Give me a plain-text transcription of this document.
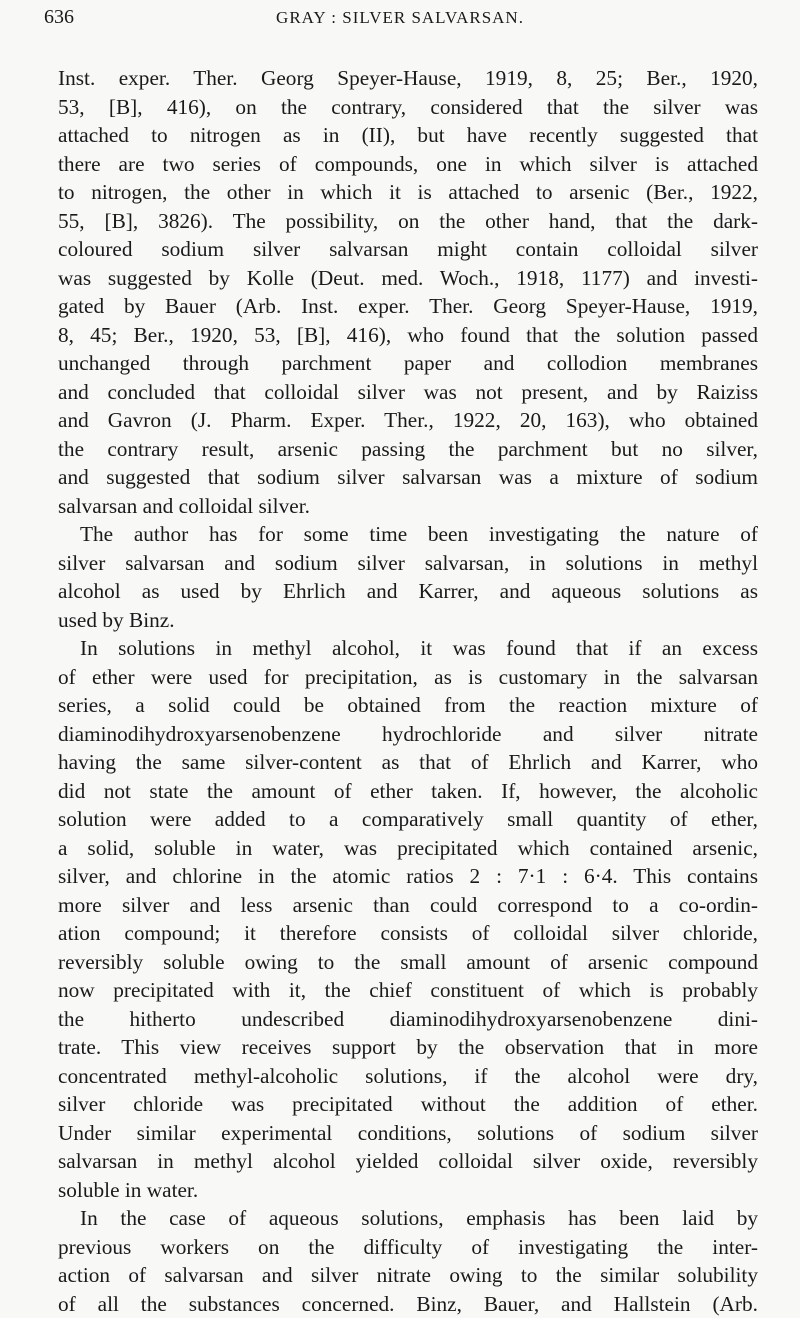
636	GRAY : SILVER SALVARSAN.
Inst. exper. Ther. Georg Speyer-Hause, 1919, 8, 25; Ber., 1920,
53, [B], 416), on the contrary, considered that the silver was
attached to nitrogen as in (II), but have recently suggested that
there are two series of compounds, one in which silver is attached
to nitrogen, the other in which it is attached to arsenic (Ber., 1922,
55, [B], 3826). The possibility, on the other hand, that the dark-
coloured sodium silver salvarsan might contain colloidal silver
was suggested by Kolle (Deut. med. Woch., 1918, 1177) and investi-
gated by Bauer (Arb. Inst. exper. Ther. Georg Speyer-Hause, 1919,
8, 45; Ber., 1920, 53, [B], 416), who found that the solution passed
unchanged through parchment paper and collodion membranes
and concluded that colloidal silver was not present, and by Raiziss
and Gavron (J. Pharm. Exper. Ther., 1922, 20, 163), who obtained
the contrary result, arsenic passing the parchment but no silver,
and suggested that sodium silver salvarsan was a mixture of sodium
salvarsan and colloidal silver.
The author has for some time been investigating the nature of
silver salvarsan and sodium silver salvarsan, in solutions in methyl
alcohol as used by Ehrlich and Karrer, and aqueous solutions as
used by Binz.
In solutions in methyl alcohol, it was found that if an excess
of ether were used for precipitation, as is customary in the salvarsan
series, a solid could be obtained from the reaction mixture of
diaminodihydroxyarsenobenzene hydrochloride and silver nitrate
having the same silver-content as that of Ehrlich and Karrer, who
did not state the amount of ether taken. If, however, the alcoholic
solution were added to a comparatively small quantity of ether,
a solid, soluble in water, was precipitated which contained arsenic,
silver, and chlorine in the atomic ratios 2 : 7·1 : 6·4. This contains
more silver and less arsenic than could correspond to a co-ordin-
ation compound; it therefore consists of colloidal silver chloride,
reversibly soluble owing to the small amount of arsenic compound
now precipitated with it, the chief constituent of which is probably
the hitherto undescribed diaminodihydroxyarsenobenzene dini-
trate. This view receives support by the observation that in more
concentrated methyl-alcoholic solutions, if the alcohol were dry,
silver chloride was precipitated without the addition of ether.
Under similar experimental conditions, solutions of sodium silver
salvarsan in methyl alcohol yielded colloidal silver oxide, reversibly
soluble in water.
In the case of aqueous solutions, emphasis has been laid by
previous workers on the difficulty of investigating the inter-
action of salvarsan and silver nitrate owing to the similar solubility
of all the substances concerned. Binz, Bauer, and Hallstein (Arb.
